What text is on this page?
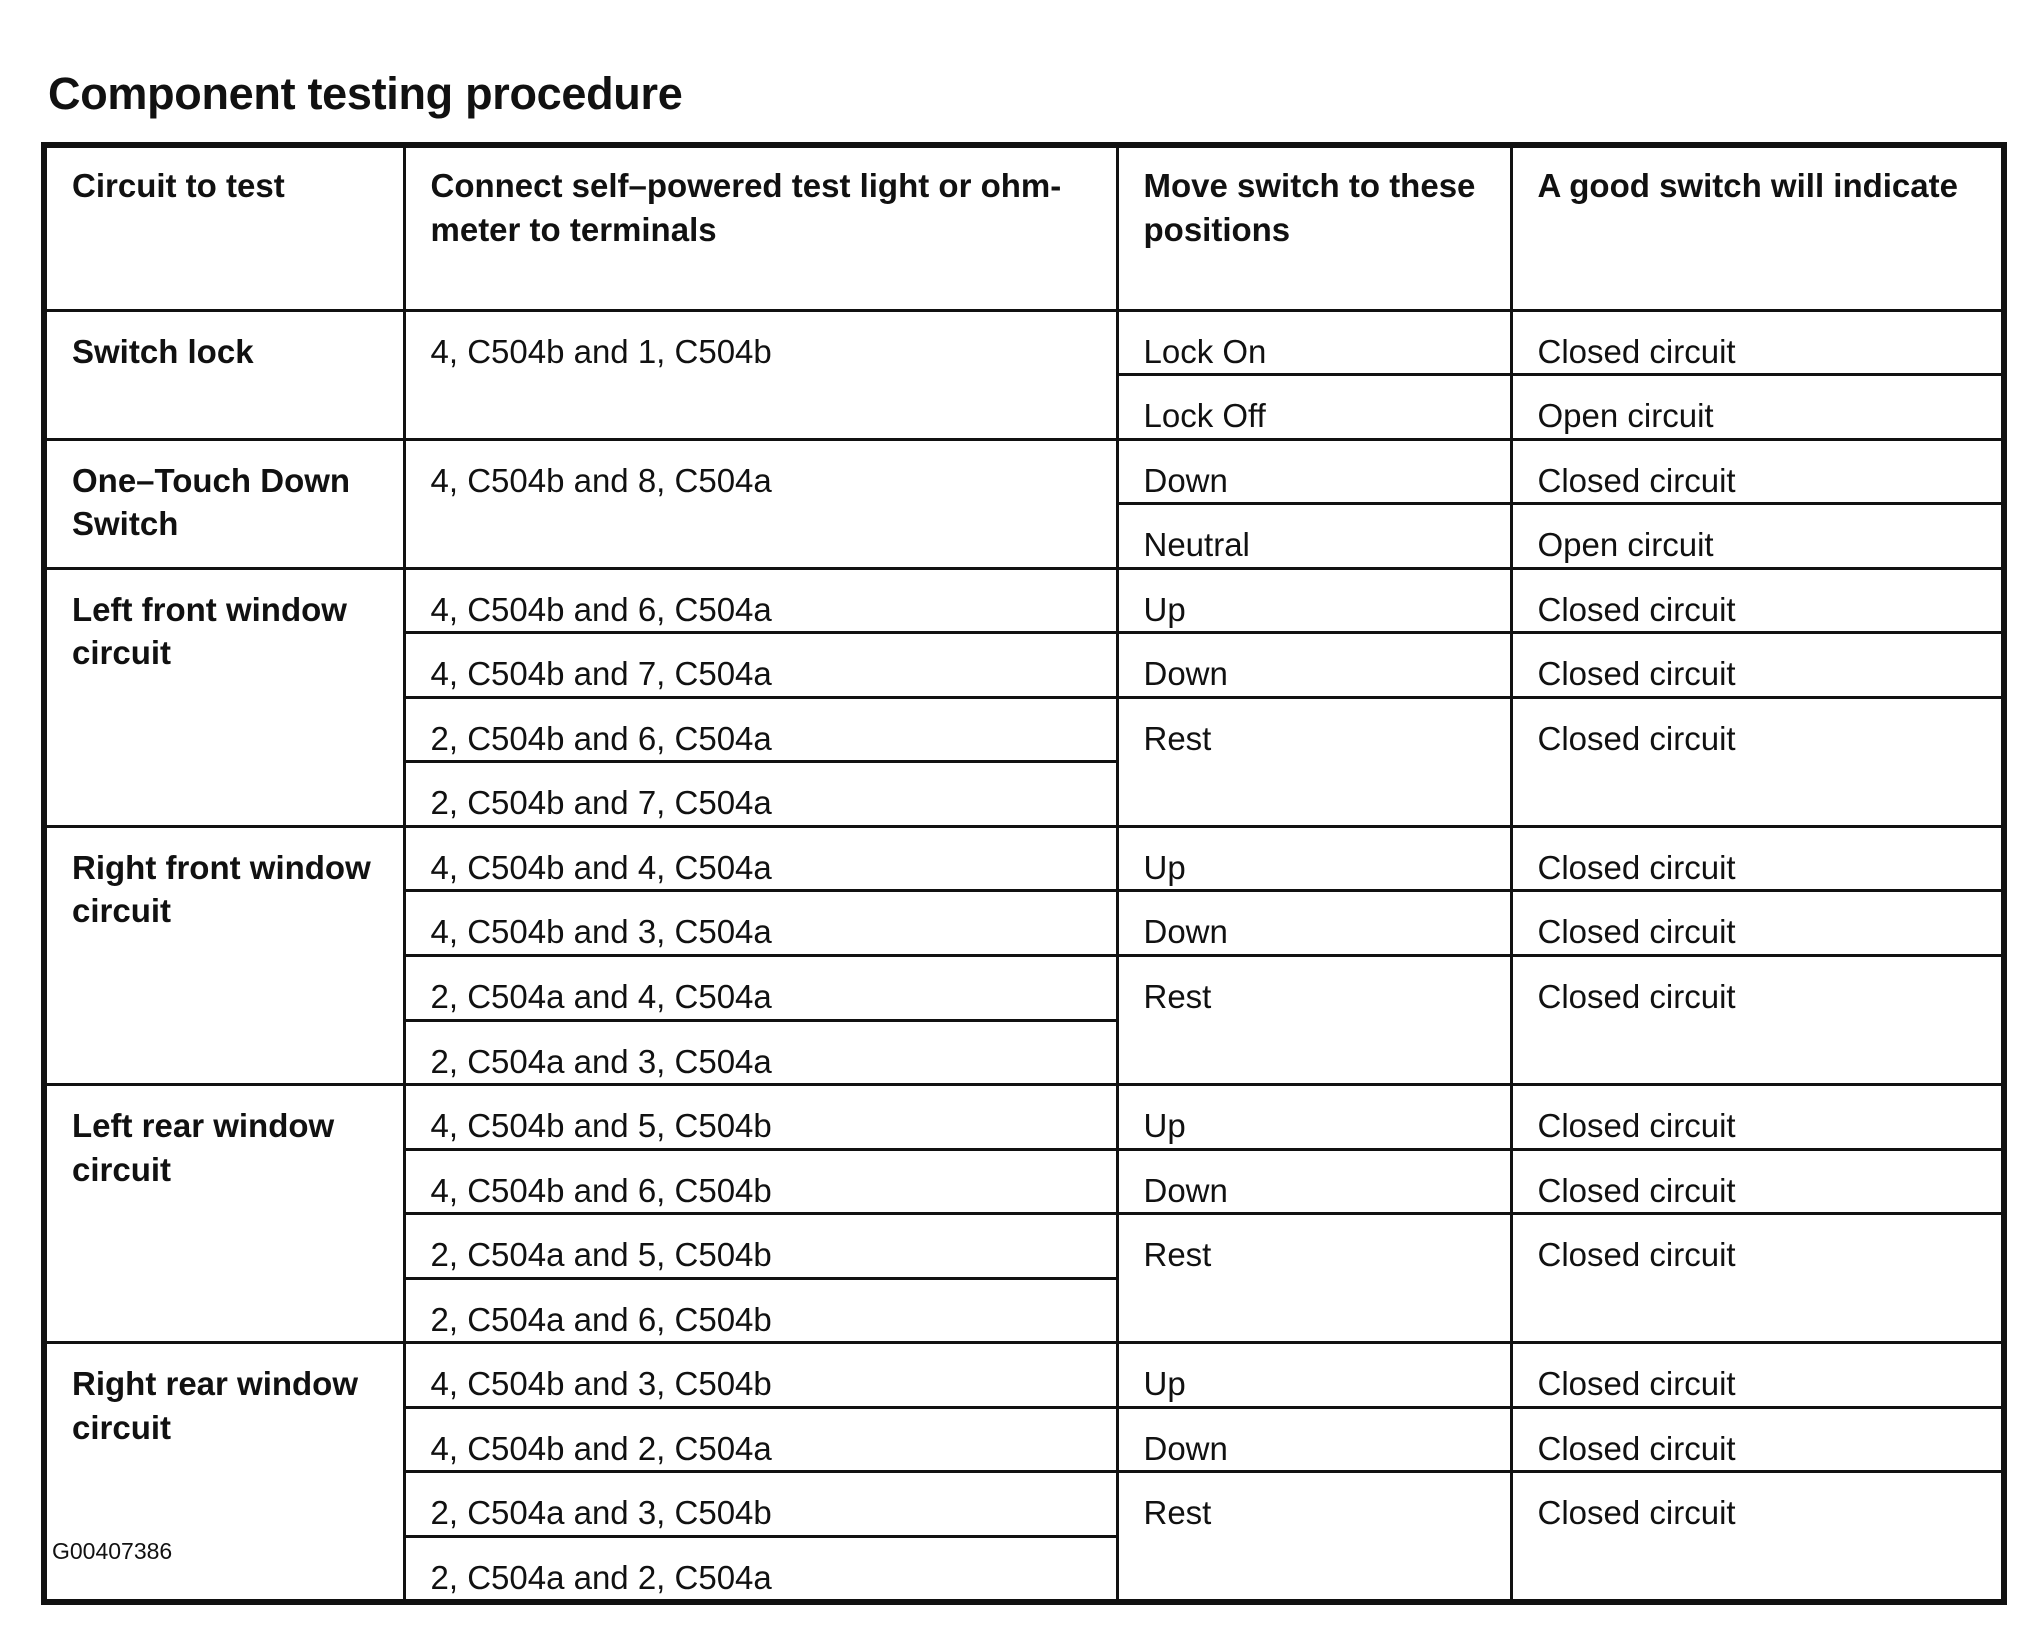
Component testing procedure
Circuit to test	Connect self–powered test light or ohm-meter to terminals	Move switch to these positions	A good switch will indicate
Switch lock	4, C504b and 1, C504b	Lock On	Closed circuit
		Lock Off	Open circuit
One–Touch Down Switch	4, C504b and 8, C504a	Down	Closed circuit
		Neutral	Open circuit
Left front window circuit	4, C504b and 6, C504a	Up	Closed circuit
	4, C504b and 7, C504a	Down	Closed circuit
	2, C504b and 6, C504a	Rest	Closed circuit
	2, C504b and 7, C504a		
Right front window circuit	4, C504b and 4, C504a	Up	Closed circuit
	4, C504b and 3, C504a	Down	Closed circuit
	2, C504a and 4, C504a	Rest	Closed circuit
	2, C504a and 3, C504a		
Left rear window circuit	4, C504b and 5, C504b	Up	Closed circuit
	4, C504b and 6, C504b	Down	Closed circuit
	2, C504a and 5, C504b	Rest	Closed circuit
	2, C504a and 6, C504b		
Right rear window circuit	4, C504b and 3, C504b	Up	Closed circuit
	4, C504b and 2, C504a	Down	Closed circuit
	2, C504a and 3, C504b	Rest	Closed circuit
	2, C504a and 2, C504a		
G00407386
